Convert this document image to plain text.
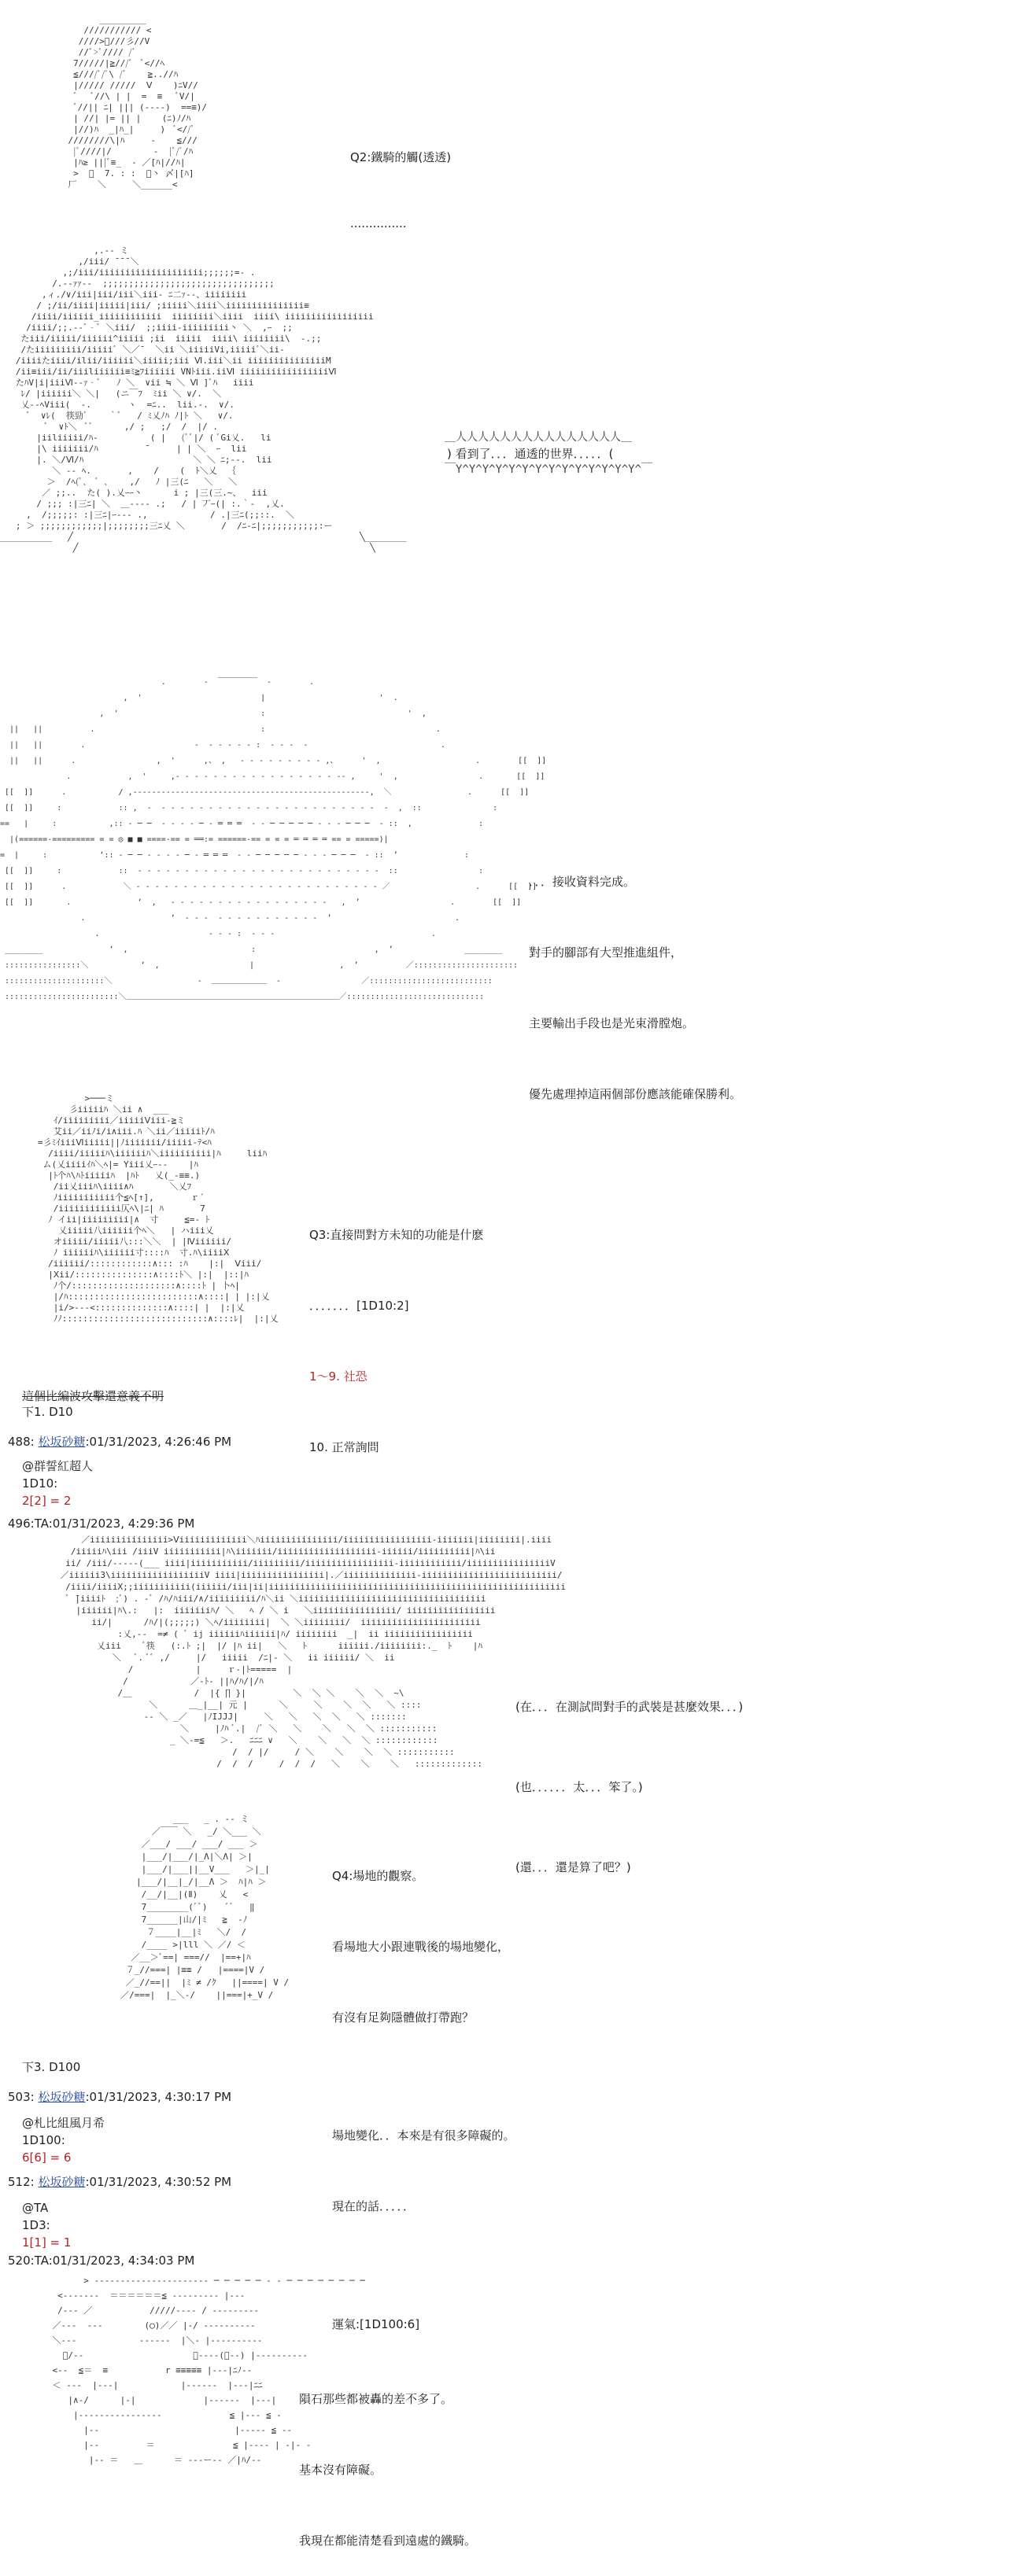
_________
/////////// <
////>ﾞ///彡//V
//ﾞ>ﾞ//// /ﾞ
7/////|≧///ﾞ  ﾞ<//ﾍ
≦////ﾟ/ﾟ\ /ﾞ    ≧..//ﾊ
|///// /////  Ⅴ    )ﾆV//
ﾞ   ﾞ//\ | |  =  ≡   ﾞV/|
ﾞ//|| ﾆ| ||| (----)  ==≡)/
| //| |= || |    (ﾆ)ﾉ/ﾊ
|//)ﾊ  _|ﾊ_|     )  ﾞ<//ﾟ
////////\|ﾊ     -    ≦///
|ﾟ////|/        -  |ﾞ/ﾟ/ﾊ
|ﾊ≥ |||ﾞ≡_  - ／[ﾊ|//ﾊ|
>  ﾞ  7. : :  ﾞ丶 〆|[ﾊ]
厂    ＼     ＼______<

Q2:鐵騎的觸(透透)

...............

,.-‐ ミ
,/iii/ ̄ ̄ ̄ ＼
,;/iii/iiiiiiiiiiiiiiiiiiii;;;;;;=- .
/.-‐ｧｧ‐-  ;;;;;;;;;;;;;;;;;;;;;;;;;;;;;;;;;
,ィ./∨/iii|iii/iii＼iii- ﾆ二ｧ‐‐、iiiiiiii
/ ;/ii/iiii|iiiii|iii/ ;iiiii＼iiii＼iiiiiiiiiiiiiii≡
/iiii/iiiiii_iiiiiiiiiiii  iiiiiiii＼iiii  iiii\ iiiiiiiiiiiiiiiii
/iiii/;;.-‐ﾞ‐ﾞ ＼iii/  ;;iiii-iiiiiiiii丶 ＼  ,ｰ  ;;
たiii/iiiii/iiiiii^iiiii ;ii  iiiii  iiii\ iiiiiiii\  -.;;
/たiiiiiiiii/iiiiiﾞ ＼／ˉ  ＼ii ＼iiiiiVi,iiiiiﾞ＼ii-
/iiiiたiiii/ilii/iiiiii＼iiiii;iii Ⅵ.iii＼ii iiiiiiiiiiiiiiiM
/ii≡iii/ii/iiiliiiiii≡ﾐ≧ﾌiiiiii VNﾄiii.iiⅥ iiiiiiiiiiiiiiiiiⅥ
たﾊV|i|iiiⅥ--ｧ‐ﾞ   ﾉ ＼  ∨ii ≒ ＼ Ⅵ ]ﾞﾊ   iiii
ﾚ/ |iiiiii＼ ＼|   (ニ￣ﾌ  ﾐii ＼ ∨/.  ＼
乂-‐ﾍViii(  -.       ヽ  =ﾆ..  lii.-.  ∨/.
ﾞ  ∨ﾚ(  筷勁ﾞ    ｀ﾞ   / ﾐ乂ﾉﾊ ﾉ|ﾄ ＼   ∨/.
ﾞ  ∨ﾄ＼  ﾞﾞ      ,/ ;   ;/  /  |/ .
|iiliiiii/ﾊ-          ( |   (ﾞﾞ|/ ( ﾞGi乂.   li
|\ iiiiiii/ﾊ         ̄      | | ＼  ｰ  lii
|. ＼/Ⅵ/ﾊ                     ＼ ＼ ﾆ;--.  lii
＼ -‐ ﾍ.       ,    /    (  ﾄ＼乂  ｛
＞  /ﾍ(ﾟ､  ﾞ ､    ,/   ﾉ |三(ﾆ   ＼   ＼
／ ;;..  た( ).乂ｰｰ丶      i ; |三(三.~、  iii
/ ;;; :|三ﾆ| ＼  ＿‐‐‐‐ .;   / | 丆ｰ(| :.｀-  ,乂.
,  /;;;;;: :|三ﾆ|ｰ‐‐‐ .,            / .|三ﾆ(;;::.  ＼
; ＞ ;;;;;;;;;;;;|;;;;;;;;三ﾆ乂 ＼       /  /ﾆ‐ﾆ|;;;;;;;;;;;:ー
__________   ╱                                                       ╲________
╱                                                        ╲
＿人人人人人人人人人人人人人人人＿
) 看到了．．．通透的世界．．．．．(
￣Y^Y^Y^Y^Y^Y^Y^Y^Y^Y^Y^Y^Y^Y^￣
.        -  ￣￣￣￣￣  -        .
,  '                         |                        '  .
,  '                              :                              '  ,
||   ||          .                                   :                                    .
||   ||        .                       -  ‐ ‐ ‐ ‐ ‐ :  ‐ ‐ ‐  -                            .
||   ||      .                 ,  '      ,、 ,   ‐ ‐ ‐ ‐ ‐ ‐ ‐ ‐ ‐ ,、     '  ,                    .        [[  ]]
.            ,  '     ,‐ ‐ ‐ ‐ ‐ ‐ ‐ ‐ ‐ ‐ ‐ ‐ ‐ ‐ ‐ ‐ ‐ ‐‐ ,     '  ,                 .       [[  ]]
[[  ]]      .           / ,‐‐‐‐‐‐‐‐‐‐‐‐‐‐‐‐‐‐‐‐‐‐‐‐‐‐‐‐‐‐‐‐‐‐‐‐‐‐‐‐‐‐‐‐‐‐‐‐‐‐,  ＼                .      [[  ]]
[[  ]]     :            :: ,  -  ‐ ‐ ‐ ‐ ‐ ‐ ‐ ‐ ‐ ‐ ‐ ‐ ‐ ‐ ‐ ‐ ‐ ‐ ‐ ‐ ‐ ‐ ‐  -  ,  ::               :
==   |     :           ,:: ‐ ─ ─  ‐ ‐ ‐ ‐ ─ ‐ ═ ═ ═  ‐ ‐ ─ ─ ─ ─ ─ ‐ ‐ ‐ ─ ─ ─  ‐ ::  ,              :
|(======-========= = = ◎ ■ ■ ====-== = ══:= ======-== = = = ═ ═ ═ ═ == = =====)|
=  |     :           ‘:: ‐ ─ ─ ‐ ‐ ‐ ‐ ─ ‐ ═ ═ ═  ‐ ‐ ─ ─ ─ ─ ─ ‐ ‐ ‐ ─ ─ ─  ‐ ::  ’              :
[[  ]]     :            ::  ‐ ‐ ‐ ‐ ‐ ‐ ‐ ‐ ‐ ‐ ‐ ‐ ‐ ‐ ‐ ‐ ‐ ‐ ‐ ‐ ‐ ‐ ‐ ‐ ‐ ‐  ::                 :
[[  ]]      .            ＼ ‐ ‐ ‐ ‐ ‐ ‐ ‐ ‐ ‐ ‐ ‐ ‐ ‐ ‐ ‐ ‐ ‐ ‐ ‐ ‐ ‐ ‐ ‐ ‐ ‐ ‐ ／                  .      [[  ]]
[[  ]]       .              ‘  ,   ‐ ‐ ‐ ‐ ‐ ‐ ‐ ‐ ‐ ‐ ‐ ‐ ‐ ‐ ‐ ‐ ‐   ,  ’                   .        [[  ]]
.                  ‘  ‐ ‐ ‐  ‐ ‐ ‐ ‐ ‐ ‐ ‐ ‐ ‐ ‐ ‐  ’                          .
.                       ‐ ‐ ‐ :  ‐ ‐ ‐                                 .
________              ‘  ,                          :                         ,  ’               ________
::::::::::::::::＼           ‘  ,                   |                  ,  ’          ／::::::::::::::::::::::
:::::::::::::::::::::＼                  ‐  ＿＿＿＿＿＿＿  ‐                 ／::::::::::::::::::::::::::
::::::::::::::::::::::::＼＿＿＿＿＿＿＿＿＿＿＿＿＿＿＿＿＿＿＿＿＿＿＿＿＿＿＿／:::::::::::::::::::::::::::::

．．．接收資料完成。

對手的腳部有大型推進組件，

主要輸出手段也是光束滑膛炮。

優先處理掉這兩個部份應該能確保勝利。

>───ミ
彡iiiiiﾊ ＼ii ∧  ___
ｲ/iiiiiiiii／iiiiiⅤiii‐≧ミ
艾ii／iiﾉi/i∧iii.ﾊ ＼ii／iiiiiﾄ/ﾊ
=彡ﾐｲiiiⅥiiiii||ﾉiiiiiii/iiiii‐ﾃ<ﾊ
/iiii/iiiiiﾊ\iiiiiiﾊ＼iiiiiiiiii|ﾊ     liiﾊ
ム(乂iiiiｲﾊ＼ﾍ|= Yiii乂ｰ‐‐    |ﾊ
|ﾄ个ﾊ\ﾊﾄiiiiiﾊ  |ﾊﾄ   乂(_-≡≡.)
/ii乂iiiﾊ\iiii∧ﾊ       ＼乂ﾌ
ﾉiiiiiiiiiii个≦ﾍ[↑],       ｒ´
/iiiiiiiiiiii仄ﾍ\|ﾆ| ﾊ       7
ﾉ イii|iiiiiiiii|∧  寸     ≦=‐ ﾄ
乂iiiii八iiiiii个ﾍ＼   | ハiii乂
オiiiii/iiiii八:::＼＼  | |Ⅳiiiiii/
ﾉ iiiiiiﾊ\iiiiii寸::::ﾊ  寸.ﾊ\iiiiⅩ
/iiiiii/::::::::::::∧::: :ﾊ    |:|  Ⅴiii/
|Ⅹii/:::::::::::::::∧::::ﾄ＼ |:|  |::|ﾊ
ﾉ个/::::::::::::::::::::∧::::ﾄ | 卜ﾍ|
|/ﾊ:::::::::::::::::::::::::∧::::| | |:|乂
|i/>‐‐‐<::::::::::::::∧::::| |  |:|乂
ﾉﾉ::::::::::::::::::::::::::::∧::::ﾚ|  |:|乂

Q3:直接問對方未知的功能是什麽

．．．．．．．[1D10:2]

1～9. 社恐

10. 正常詢問

這個比編波攻擊還意義不明
下1. D10
488: 松坂砂糖:01/31/2023, 4:26:46 PM
@群誓紅超人
1D10:
2[2] = 2
496:TA:01/31/2023, 4:29:36 PM
／iiiiiiiiiiiiiii>Ⅴiiiiiiiiiiiii＼ﾊiiiiiiiiiiiiiii/iiiiiiiiiiiiiiiii-iiiiiii|iiiiiiii|.iiii
/iiiiiﾊ\iii /iiiV iiiiiiiiiii|ﾊ\iiiiiii/iiiiiiiiiiiiiiiiiii-iiiiii/iiiiiiiiii|ﾊ\ii
ii/ /iii/‐‐‐‐‐(___ iiii|iiiiiiiiiii/iiiiiiiii/iiiiiiiiiiiiiiiii-iiiiiiiiiiii/iiiiiiiiiiiiiiiiV
／iiiiii3\iiiiiiiiiiiiiiiiiiV iiii|iiiiiiiiiiiiiiii|.／iiiiiiiiiiiiii-iiiiiiiiiiiiiiiiiiiiiiiiii/
/iiii/iiiiX;;iiiiiiiiiii(iiiiii/iii|ii|iiiiiiiiiiiiiiiiiiiiiiiiiiiiiiiiiiiiiiiiiiiiiiiiiiiiiiiii
ﾞ ̄|iiiiﾄ  ;ﾞ) . -ﾞ /ﾊ/ﾊiii/∧/iiiiiiiii/ﾊ＼ii ＼iiiiiiiiiiiiiiiiiiiiiiiiiiiiiiiiiiii
|iiiiii|ﾊ\.:   |:  iiiiiiiﾊ/ ＼   ﾍ / ＼ i   ＼iiiiiiiiiiiiiiii/ iiiiiiiiiiiiiiiii
ii/|      /ﾊ/|(;;;;;) ＼ﾍ/iiiiiiii|  ＼ ＼iiiiiiii/  iiiiiiiiiiiiiiiiiiiiiii
:乂,-‐  =≠ ( ﾞ ij iiiiiiﾊiiiiii|ﾊ/ iiiiiiii  _|  ii iiiiiiiiiiiiiiiii
乂iii    ﾞ筷   (:.ﾄ ;|  |/ |ﾊ ii|   ＼   ﾄ      iiiiii./iiiiiiii:._  ﾄ    |ﾊ
＼   ﾞ. ﾞﾞ ,/     |/   iiiii  /ﾆ|- ＼   ii iiiiii/ ＼  ii
/            |     ｒ‐|ﾄ=====  |
/            ／‐ﾄ‐ ||ﾊ/ﾊ/|/ﾊ
/＿            /  |{ ∏ }|         ＼  ＼ ＼    ＼  ＼  ~\
＼      ＿_|__| 元 |      ＼     ＼    ＼  ＼   ＼ ::::
‐‐ ＼ _／   |ﾉIJJJ|     ＼   ＼   ＼  ＼   ＼ :::::::
＼     |ﾉﾊ ﾞ.|  /ﾞ ＼   ＼    ＼   ＼  ＼ :::::::::::
_ ＼‐=≦   ＞.   ﾆﾆﾆ ∨   ＼    ＼   ＼  ＼ ::::::::::::
/  / |/     / ＼    ＼    ＼  ＼ :::::::::::
/  /  /     /  /  /   ＼    ＼    ＼   :::::::::::::

(在．．．在測試問對手的武裝是甚麼效果．．．)

(也．．．．．．太．．．笨了。)

(還．．．還是算了吧？)

___   _ . ‐‐ ミ
／￣￣ ＼   _/ ＼___ ＼
／___/ ___/ ___/ ___ ＞
|___/|___/|_Λ|＼Λ| ＞|
|___/|___||__V___   ＞|_|
|___/|__|_/|__Λ ＞  ﾊ|ﾊ ＞
/__/|__|(Ⅱ)    乂   <
7________(ﾞﾞ)    ﾞﾞ   ‖
7______|山/|ﾐ   ≧  -ﾉ
７____|__|ﾐ   ＼/  /
/____ >|lll ＼ ／/ ＜
／__＞ﾞ==| ===//  |==+|ﾊ
７_//===| |≡≡ /   |====|V /
／_//==||  |ﾐ ≠ /ｸ   ||====| V /
／/===|  |_＼‐/    ||===|+_V /

Q4:場地的觀察。

看場地大小跟連戰後的場地變化，

有沒有足夠隱體做打帶跑？

場地變化．．本來是有很多障礙的。

現在的話．．．．．

運氣:[1D100:6]

下3. D100
503: 松坂砂糖:01/31/2023, 4:30:17 PM
@札比組風月希
1D100:
6[6] = 6
512: 松坂砂糖:01/31/2023, 4:30:52 PM
@TA
1D3:
1[1] = 1
520:TA:01/31/2023, 4:34:03 PM
> ‐‐‐‐‐‐‐‐‐‐‐‐‐‐‐‐‐‐‐‐‐‐ ─ ─ ─ ─ ─ ‐ ‐ ─ ─ ─ ─ ─ ─ ─ ─
<‐‐‐‐‐‐‐  ＝＝＝＝＝＝≦ ‐‐‐‐‐‐‐‐‐ |‐‐‐
/‐‐‐ ／           /////‐‐‐‐ / ‐‐‐‐‐‐‐‐‐
／‐‐‐  ‐‐‐        (◯)／／ |‐/ ‐‐‐‐‐‐‐‐‐‐
＼‐‐‐            ‐‐‐‐‐‐  |＼‐ |‐‐‐‐‐‐‐‐‐‐
ﾞ/‐‐                     ＞‐‐‐‐(ﾞ‐‐) |‐‐‐‐‐‐‐‐‐‐
<‐‐  ≦＝  ≡           r ≡≡≡≡≡ |‐‐‐|ﾆﾉ‐‐
＜ ‐‐‐  |‐‐‐|            |‐‐‐‐‐‐  |‐‐‐|ﾆﾆ
|∧-/      |‐|             |‐‐‐‐‐‐  |‐‐‐|
|‐‐‐‐‐‐‐‐‐‐‐‐‐‐‐‐             ≦ |‐‐‐ ≦ ‐
|‐‐                          |‐‐‐‐‐ ≦ ‐‐
|‐‐         ＝               ≦ |‐‐‐‐ | ‐|‐ ‐
|‐‐ ＝   ＿      ＝ ‐‐‐ー‐‐ ／|ﾊ/‐‐

隕石那些都被轟的差不多了。

基本沒有障礙。

我現在都能清楚看到遠處的鐵騎。
